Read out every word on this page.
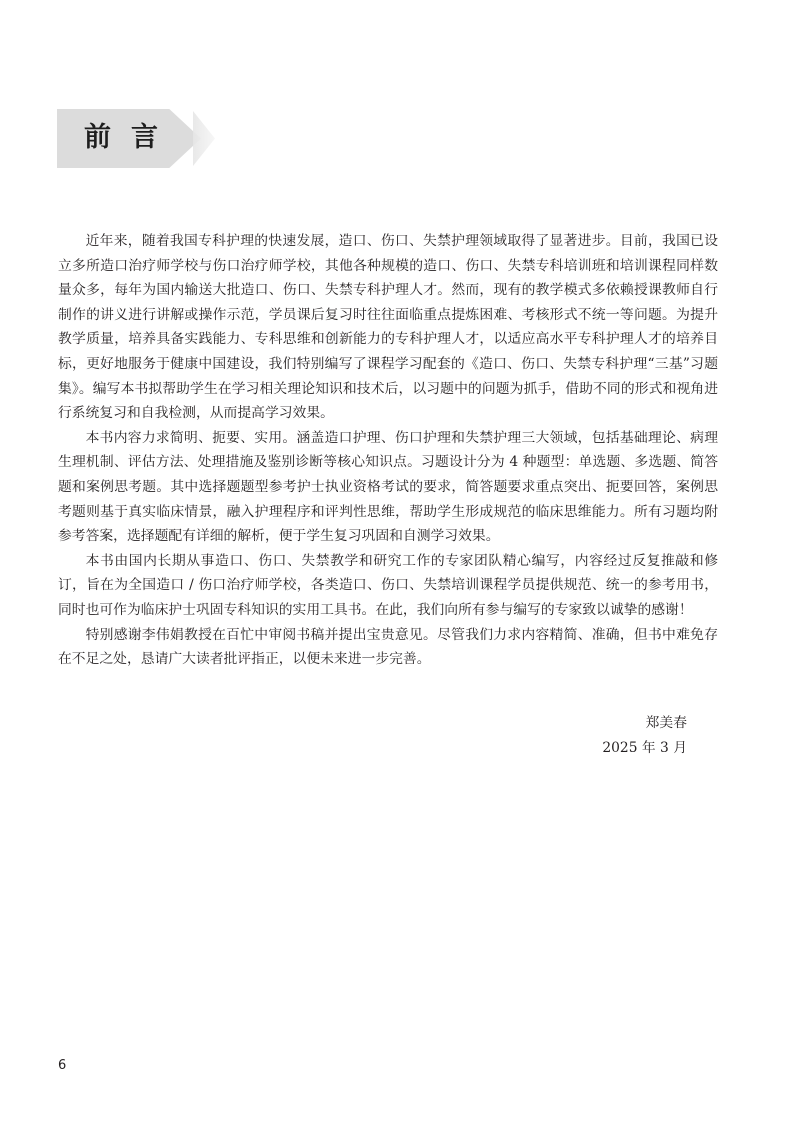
前言

近年来，随着我国专科护理的快速发展，造口、伤口、失禁护理领域取得了显著进步。目前，我国已设立多所造口治疗师学校与伤口治疗师学校，其他各种规模的造口、伤口、失禁专科培训班和培训课程同样数量众多，每年为国内输送大批造口、伤口、失禁专科护理人才。然而，现有的教学模式多依赖授课教师自行制作的讲义进行讲解或操作示范，学员课后复习时往往面临重点提炼困难、考核形式不统一等问题。为提升教学质量，培养具备实践能力、专科思维和创新能力的专科护理人才，以适应高水平专科护理人才的培养目标，更好地服务于健康中国建设，我们特别编写了课程学习配套的《造口、伤口、失禁专科护理“三基”习题集》。编写本书拟帮助学生在学习相关理论知识和技术后，以习题中的问题为抓手，借助不同的形式和视角进行系统复习和自我检测，从而提高学习效果。

本书内容力求简明、扼要、实用。涵盖造口护理、伤口护理和失禁护理三大领域，包括基础理论、病理生理机制、评估方法、处理措施及鉴别诊断等核心知识点。习题设计分为 4 种题型：单选题、多选题、简答题和案例思考题。其中选择题题型参考护士执业资格考试的要求，简答题要求重点突出、扼要回答，案例思考题则基于真实临床情景，融入护理程序和评判性思维，帮助学生形成规范的临床思维能力。所有习题均附参考答案，选择题配有详细的解析，便于学生复习巩固和自测学习效果。

本书由国内长期从事造口、伤口、失禁教学和研究工作的专家团队精心编写，内容经过反复推敲和修订，旨在为全国造口 / 伤口治疗师学校，各类造口、伤口、失禁培训课程学员提供规范、统一的参考用书，同时也可作为临床护士巩固专科知识的实用工具书。在此，我们向所有参与编写的专家致以诚挚的感谢！

特别感谢李伟娟教授在百忙中审阅书稿并提出宝贵意见。尽管我们力求内容精简、准确，但书中难免存在不足之处，恳请广大读者批评指正，以便未来进一步完善。

郑美春
2025 年 3 月
6
